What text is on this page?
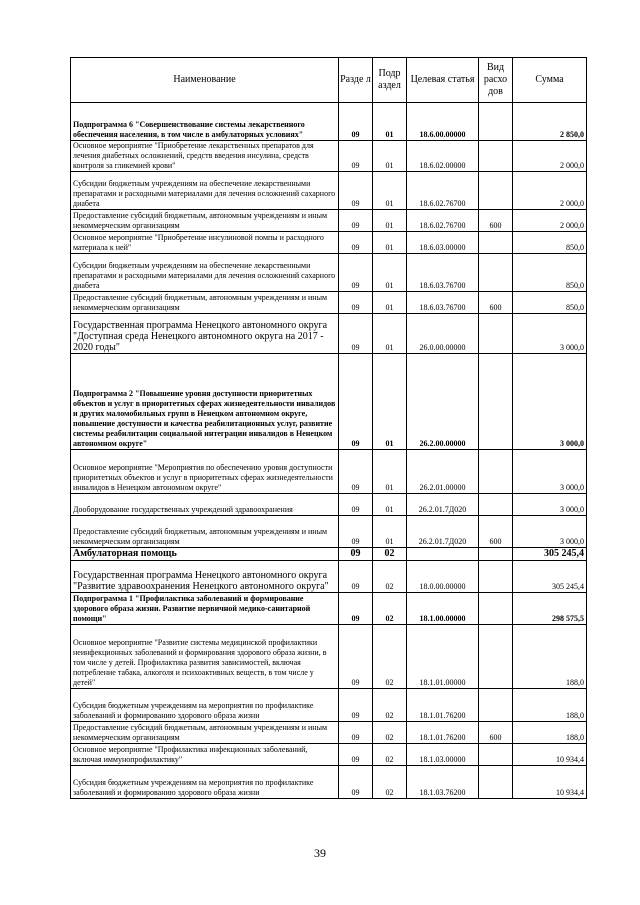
Наименование	Разде л	Подр аздел	Целевая статья	Вид расхо дов	Сумма
Подпрограмма 6 "Совершенствование системы лекарственного обеспечения населения, в том числе в амбулаторных условиях"	09	01	18.6.00.00000		2 850,0
Основное мероприятие "Приобретение лекарственных препаратов для лечения диабетных осложнений, средств введения инсулина, средств контроля за гликемией крови"	09	01	18.6.02.00000		2 000,0
Субсидии бюджетным учреждениям на обеспечение лекарственными препаратами и расходными материалами для лечения осложнений сахарного диабета	09	01	18.6.02.76700		2 000,0
Предоставление субсидий бюджетным, автономным учреждениям и иным некоммерческим организациям	09	01	18.6.02.76700	600	2 000,0
Основное мероприятие "Приобретение инсулиновой помпы и расходного материала к ней"	09	01	18.6.03.00000		850,0
Субсидии бюджетным учреждениям на обеспечение лекарственными препаратами и расходными материалами для лечения осложнений сахарного диабета	09	01	18.6.03.76700		850,0
Предоставление субсидий бюджетным, автономным учреждениям и иным некоммерческим организациям	09	01	18.6.03.76700	600	850,0
Государственная программа Ненецкого автономного округа "Доступная среда Ненецкого автономного округа на 2017 - 2020 годы"	09	01	26.0.00.00000		3 000,0
Подпрограмма 2 "Повышение уровня доступности приоритетных объектов и услуг в приоритетных сферах жизнедеятельности инвалидов и других маломобильных групп в Ненецком автономном округе, повышение доступности и качества реабилитационных услуг, развитие системы реабилитации социальной интеграции инвалидов в Ненецком автономном округе"	09	01	26.2.00.00000		3 000,0
Основное мероприятие "Мероприятия по обеспечению уровня доступности приоритетных объектов и услуг в приоритетных сферах жизнедеятельности инвалидов в Ненецком автономном округе"	09	01	26.2.01.00000		3 000,0
Дооборудование государственных учреждений здравоохранения	09	01	26.2.01.7Д020		3 000,0
Предоставление субсидий бюджетным, автономным учреждениям и иным некоммерческим организациям	09	01	26.2.01.7Д020	600	3 000,0
Амбулаторная помощь	09	02			305 245,4
Государственная программа Ненецкого автономного округа "Развитие здравоохранения Ненецкого автономного округа"	09	02	18.0.00.00000		305 245,4
Подпрограмма 1 "Профилактика заболеваний и формирование здорового образа жизни. Развитие первичной медико-санитарной помощи"	09	02	18.1.00.00000		298 575,5
Основное мероприятие "Развитие системы медицинской профилактики неинфекционных заболеваний и формирования здорового образа жизни, в том числе у детей. Профилактика развития зависимостей, включая потребление табака, алкоголя и психоактивных веществ, в том числе у детей"	09	02	18.1.01.00000		188,0
Субсидия бюджетным учреждениям на мероприятия по профилактике заболеваний и формированию здорового образа жизни	09	02	18.1.01.76200		188,0
Предоставление субсидий бюджетным, автономным учреждениям и иным некоммерческим организациям	09	02	18.1.01.76200	600	188,0
Основное мероприятие "Профилактика инфекционных заболеваний, включая иммунопрофилактику"	09	02	18.1.03.00000		10 934,4
Субсидия бюджетным учреждениям на мероприятия по профилактике заболеваний и формированию здорового образа жизни	09	02	18.1.03.76200		10 934,4
39
